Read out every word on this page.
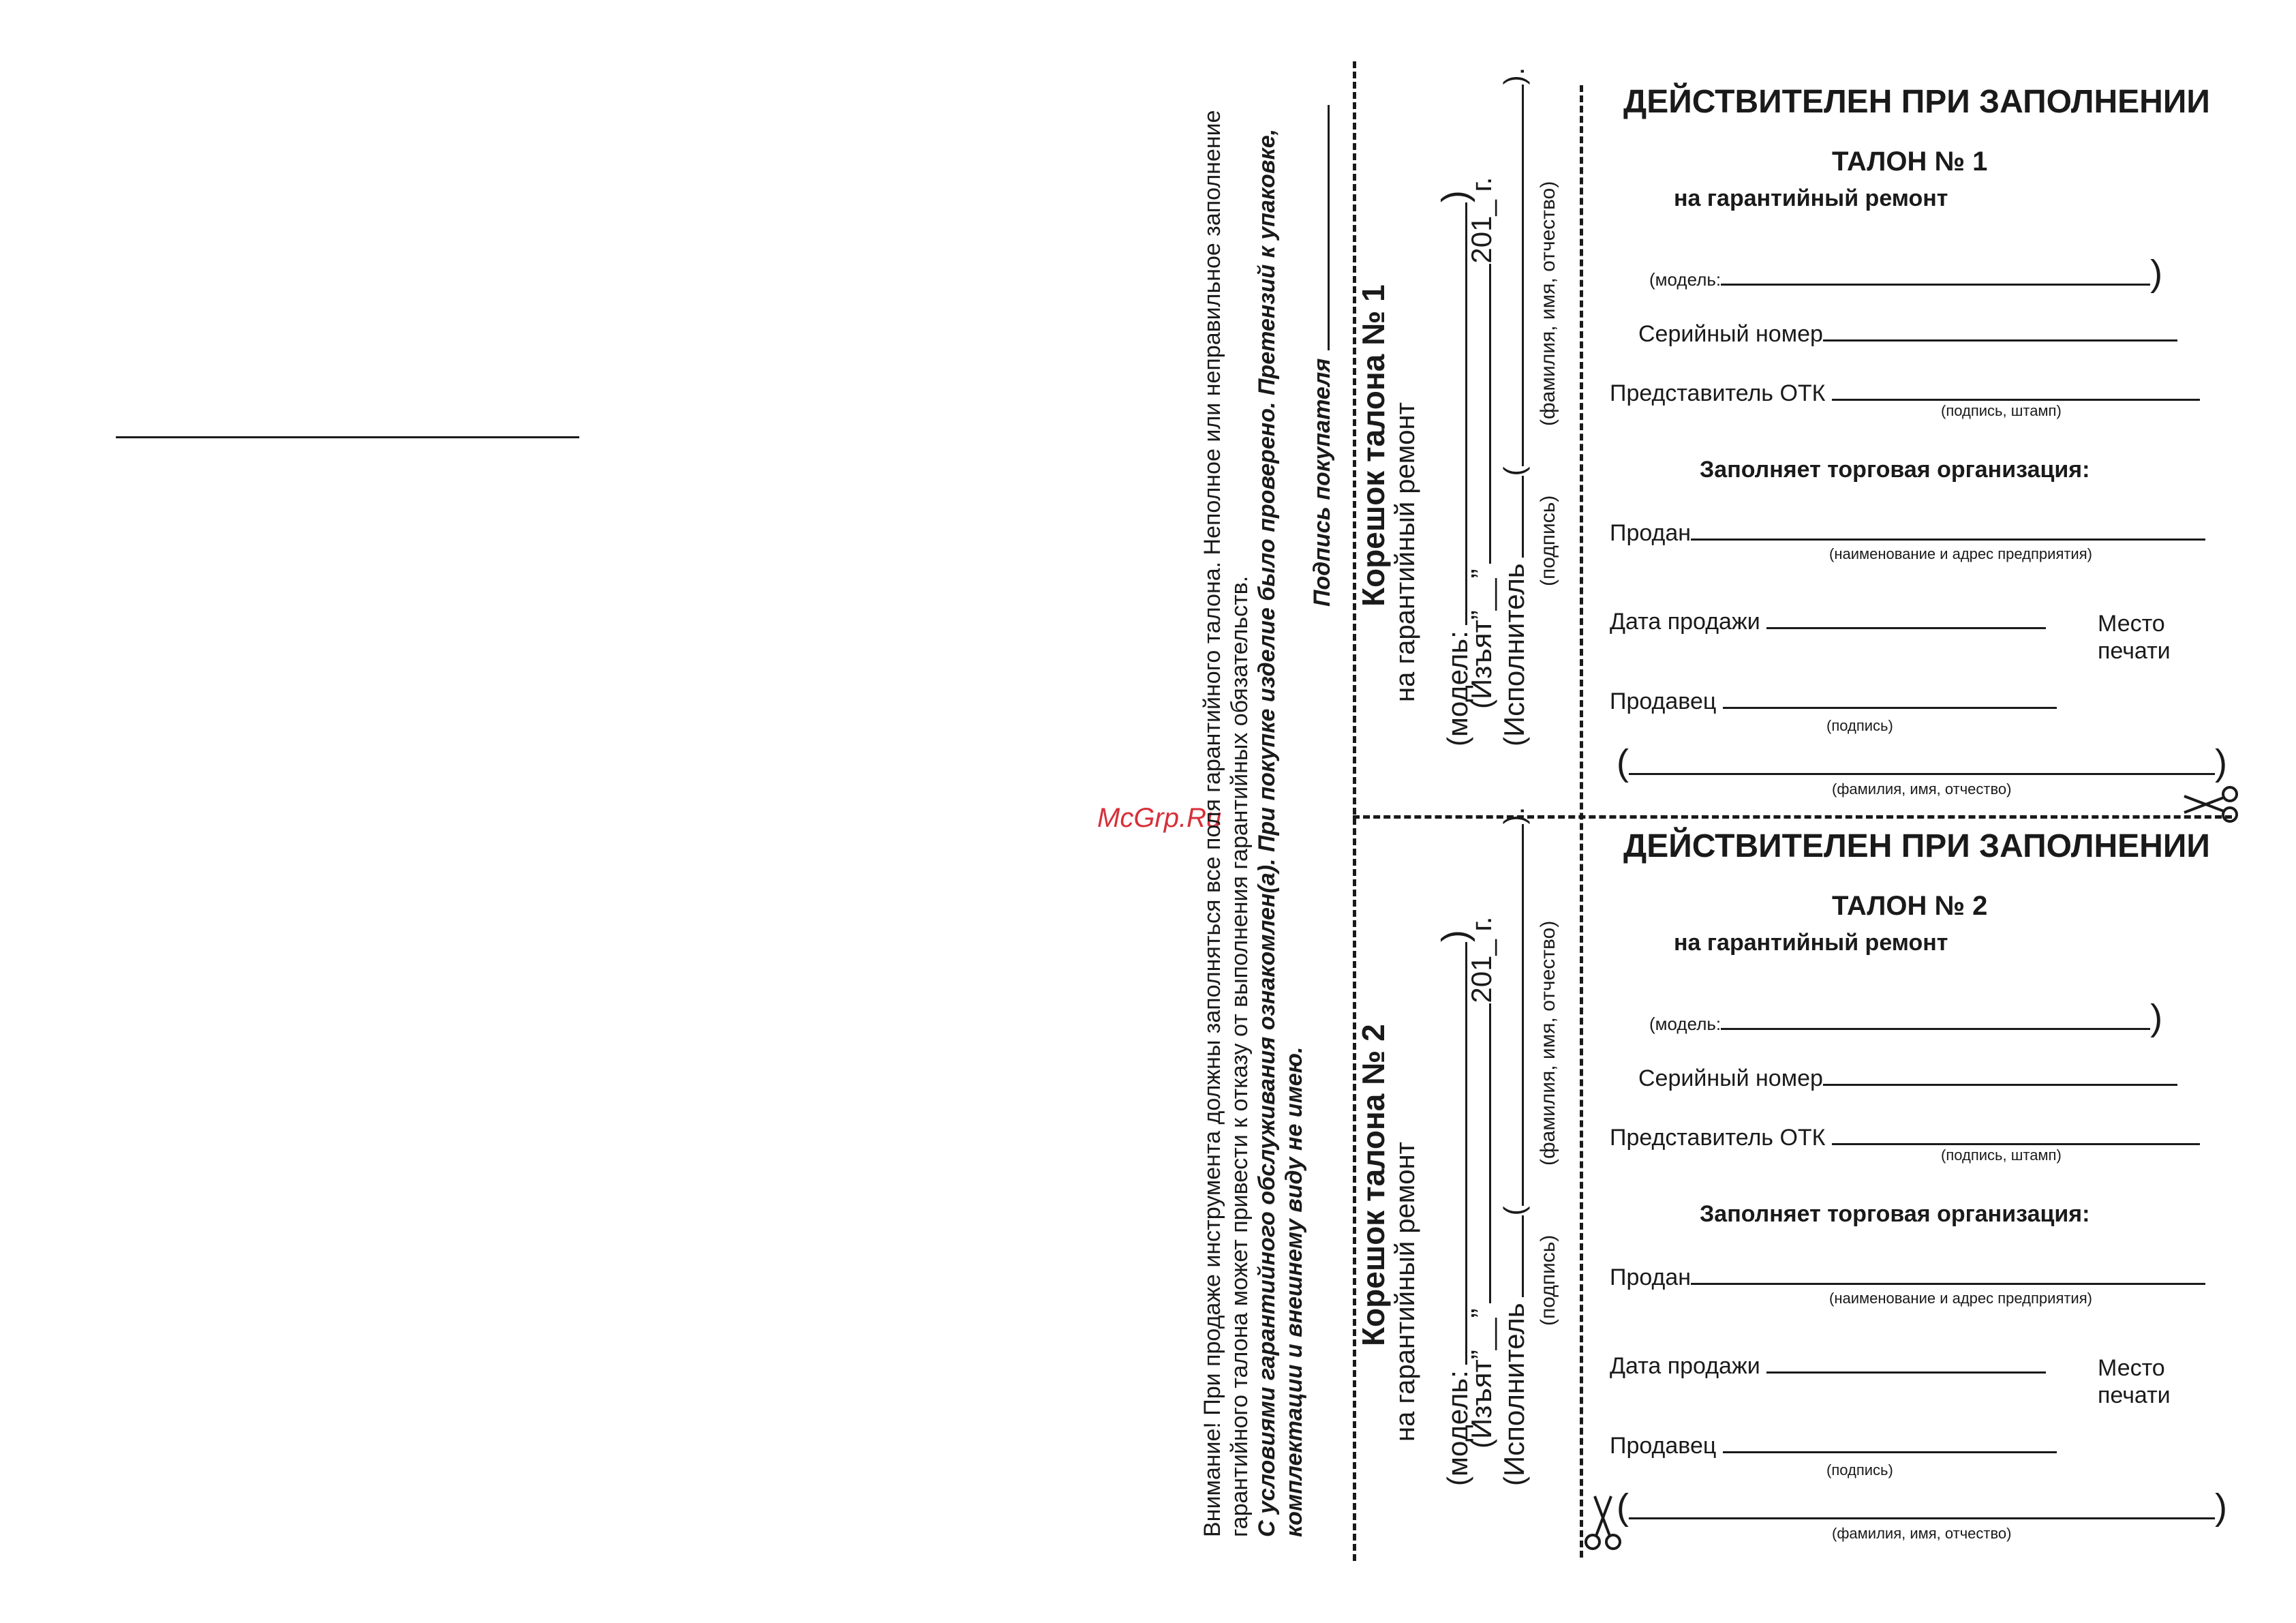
McGrp.Ru
Внимание! При продаже инструмента должны заполняться все поля гарантийного талона. Неполное или неправильное заполнение гарантийного талона может привести к отказу от выполнения гарантийных обязательств. С условиями гарантийного обслуживания ознакомлен(а). При покупке изделие было проверено. Претензий к упаковке, комплектации и внешнему виду не имею.
Подпись покупателя Корешок талона № 1 на гарантийный ремонт (модель:)
(Изъят”__”201_ г.
(Исполнитель().
(подпись)
(фамилия, имя, отчество)
Корешок талона № 2 на гарантийный ремонт (модель:)
(Изъят”__”201_ г.
(Исполнитель().
(подпись)
(фамилия, имя, отчество)
ДЕЙСТВИТЕЛЕН ПРИ ЗАПОЛНЕНИИ
ТАЛОН № 1
на гарантийный ремонт
(модель:	)
Серийный номер
Представитель ОТК
(подпись, штамп)
Заполняет торговая организация:
Продан
(наименование и адрес предприятия)
Дата продажи	Место
печати
Продавец
(подпись)
(	)
(фамилия, имя, отчество)
ДЕЙСТВИТЕЛЕН ПРИ ЗАПОЛНЕНИИ
ТАЛОН № 2
на гарантийный ремонт
(модель:	)
Серийный номер
Представитель ОТК
(подпись, штамп)
Заполняет торговая организация:
Продан
(наименование и адрес предприятия)
Дата продажи	Место
печати
Продавец
(подпись)
(	)
(фамилия, имя, отчество)
